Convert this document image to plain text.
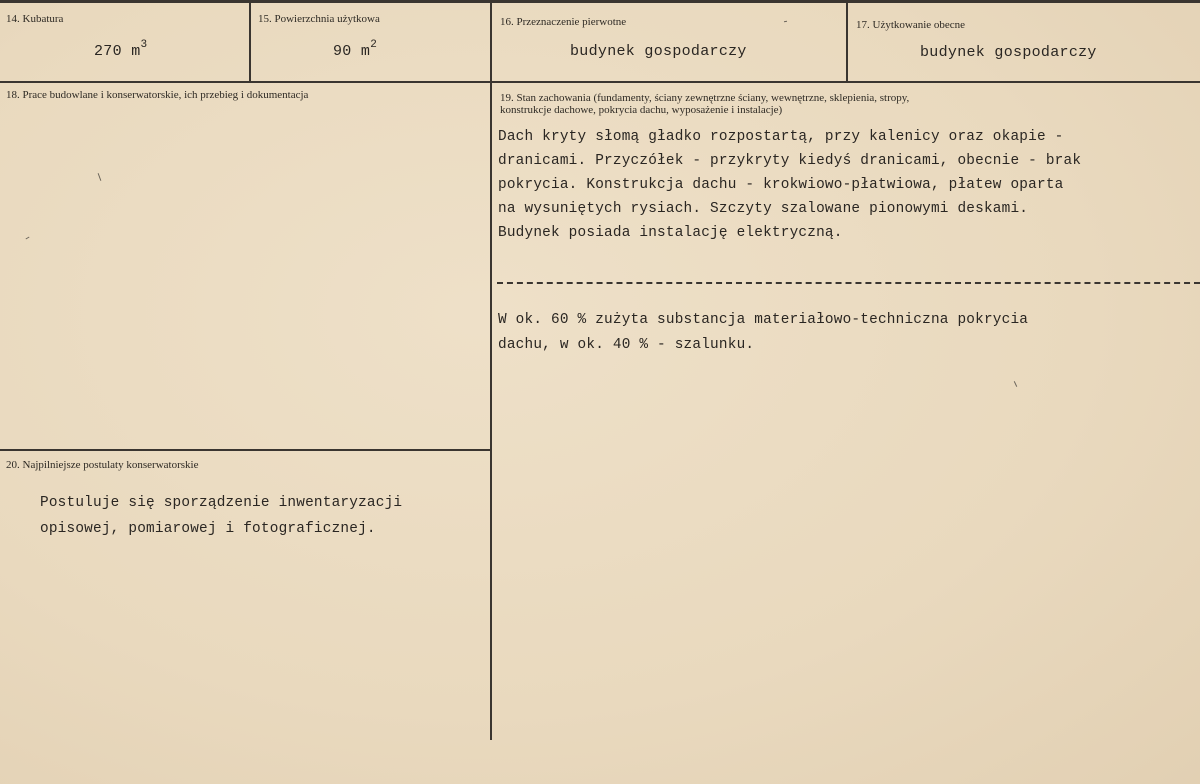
14. Kubatura
270 $m^3$
15. Powierzchnia użytkowa
90 $m^2$
16. Przeznaczenie pierwotne
budynek gospodarczy
17. Użytkowanie obecne
budynek gospodarczy
18. Prace budowlane i konserwatorskie, ich przebieg i dokumentacja	19. Stan zachowania (fundamenty, ściany zewnętrzne ściany, wewnętrzne, sklepienia, stropy,
konstrukcje dachowe, pokrycia dachu, wyposażenie i instalacje)
Dach kryty słomą gładko rozpostartą, przy kalenicy oraz okapie -
dranicami. Przyczółek - przykryty kiedyś dranicami, obecnie - brak
pokrycia. Konstrukcja dachu - krokwiowo-płatwiowa, płatew oparta
na wysuniętych rysiach. Szczyty szalowane pionowymi deskami.
Budynek posiada instalację elektryczną.
W ok. 60 % zużyta substancja materiałowo-techniczna pokrycia
dachu, w ok. 40 % - szalunku.
20. Najpilniejsze postulaty konserwatorskie
Postuluje się sporządzenie inwentaryzacji
opisowej, pomiarowej i fotograficznej.
